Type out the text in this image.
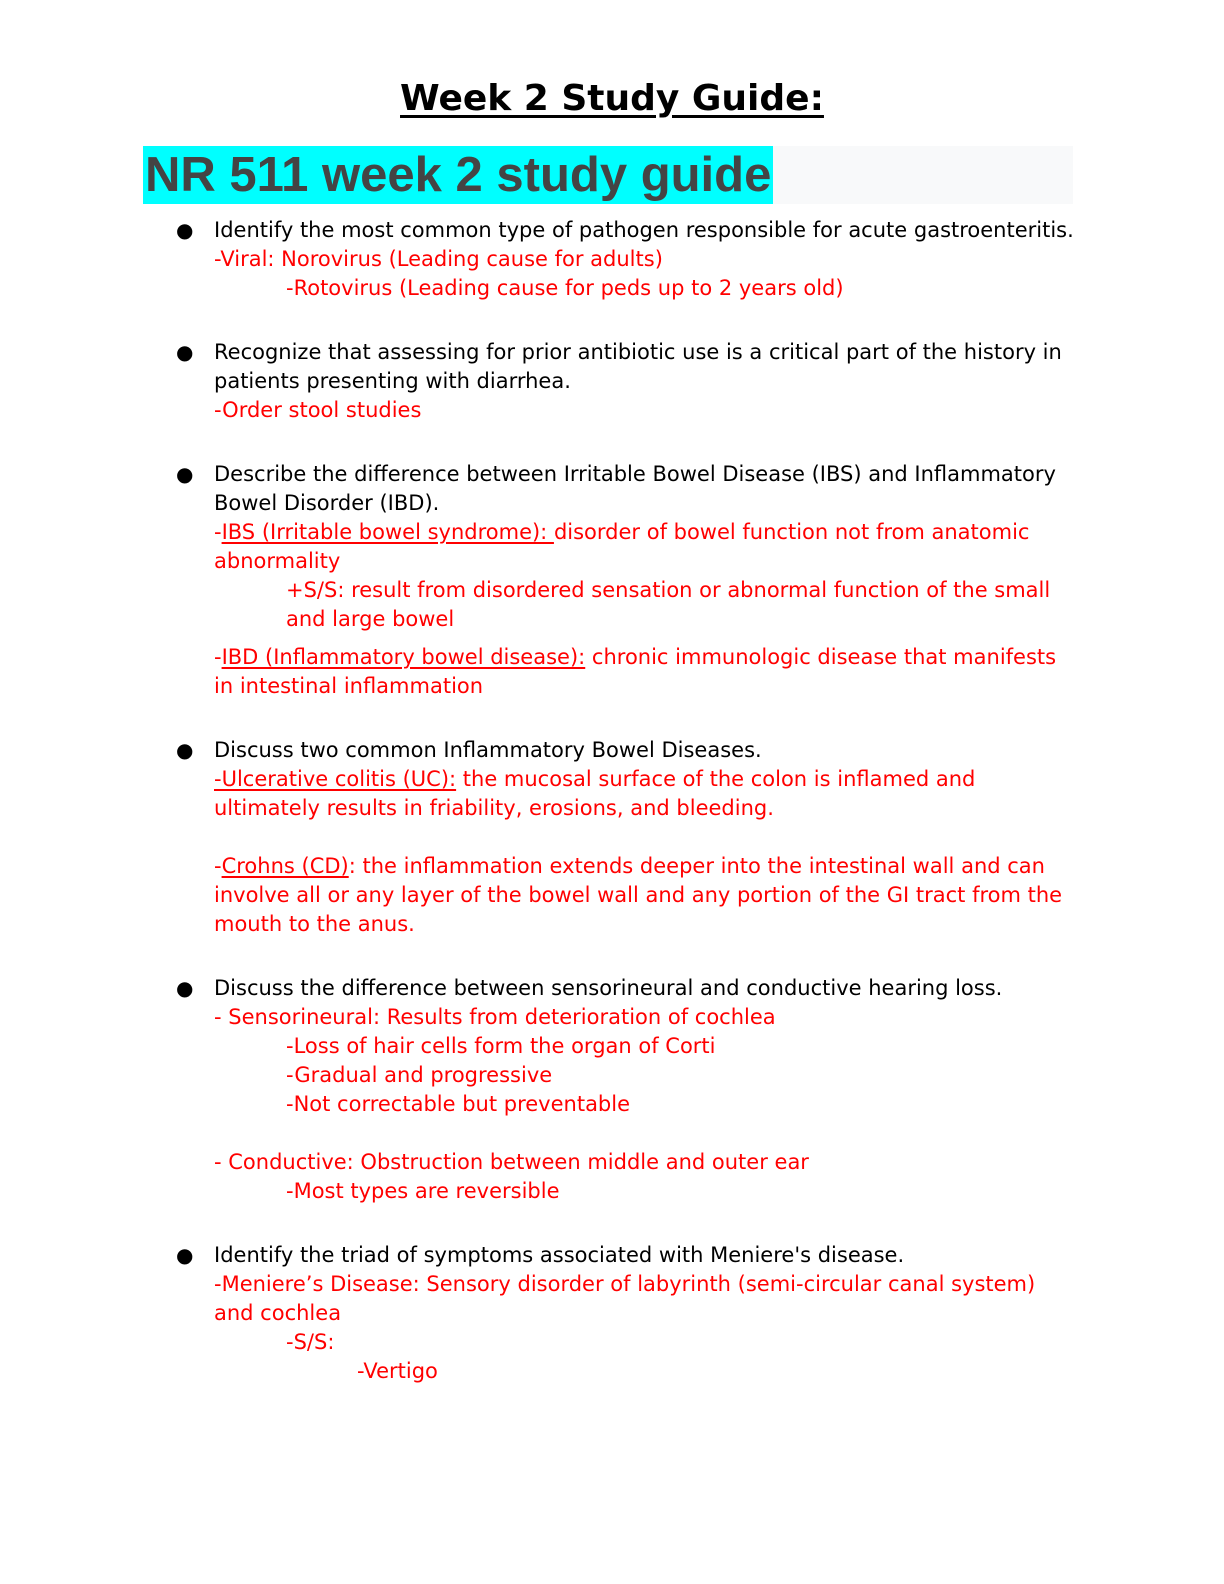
Week 2 Study Guide:
NR 511 week 2 study guide
● Identify the most common type of pathogen responsible for acute gastroenteritis.

-Viral: Norovirus (Leading cause for adults)

-Rotovirus (Leading cause for peds up to 2 years old)

● Recognize that assessing for prior antibiotic use is a critical part of the history in patients presenting with diarrhea.

-Order stool studies

● Describe the difference between Irritable Bowel Disease (IBS) and Inflammatory Bowel Disorder (IBD).

-IBS (Irritable bowel syndrome): disorder of bowel function not from anatomic abnormality

+S/S: result from disordered sensation or abnormal function of the small and large bowel

-IBD (Inflammatory bowel disease): chronic immunologic disease that manifests in intestinal inflammation

● Discuss two common Inflammatory Bowel Diseases.

-Ulcerative colitis (UC): the mucosal surface of the colon is inflamed and ultimately results in friability, erosions, and bleeding.

-Crohns (CD): the inflammation extends deeper into the intestinal wall and can involve all or any layer of the bowel wall and any portion of the GI tract from the mouth to the anus.

● Discuss the difference between sensorineural and conductive hearing loss.

- Sensorineural: Results from deterioration of cochlea

-Loss of hair cells form the organ of Corti

-Gradual and progressive

-Not correctable but preventable

- Conductive: Obstruction between middle and outer ear

-Most types are reversible

● Identify the triad of symptoms associated with Meniere's disease.

-Meniere’s Disease: Sensory disorder of labyrinth (semi-circular canal system) and cochlea

-S/S:

-Vertigo
